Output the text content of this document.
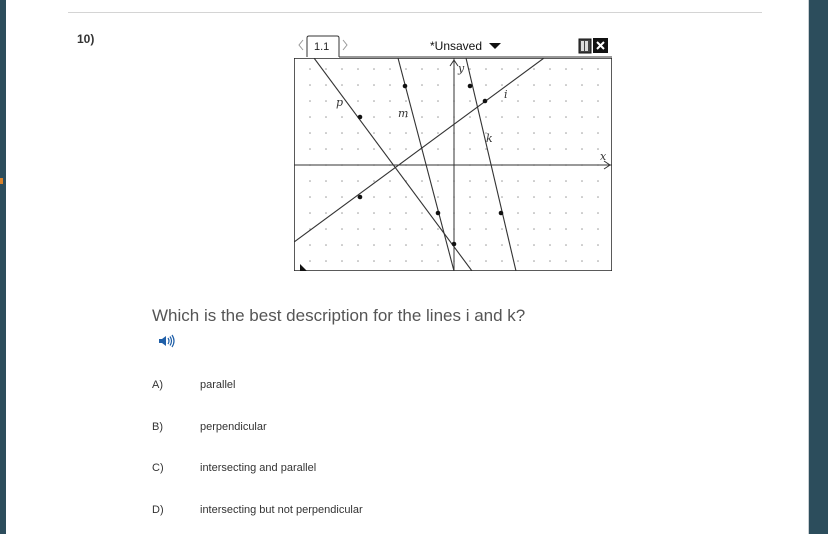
10)
1.1	*Unsaved
y
x
p
m
i
k
Which is the best description for the lines i and k?
A)	parallel
B)	perpendicular
C)	intersecting and parallel
D)	intersecting but not perpendicular
